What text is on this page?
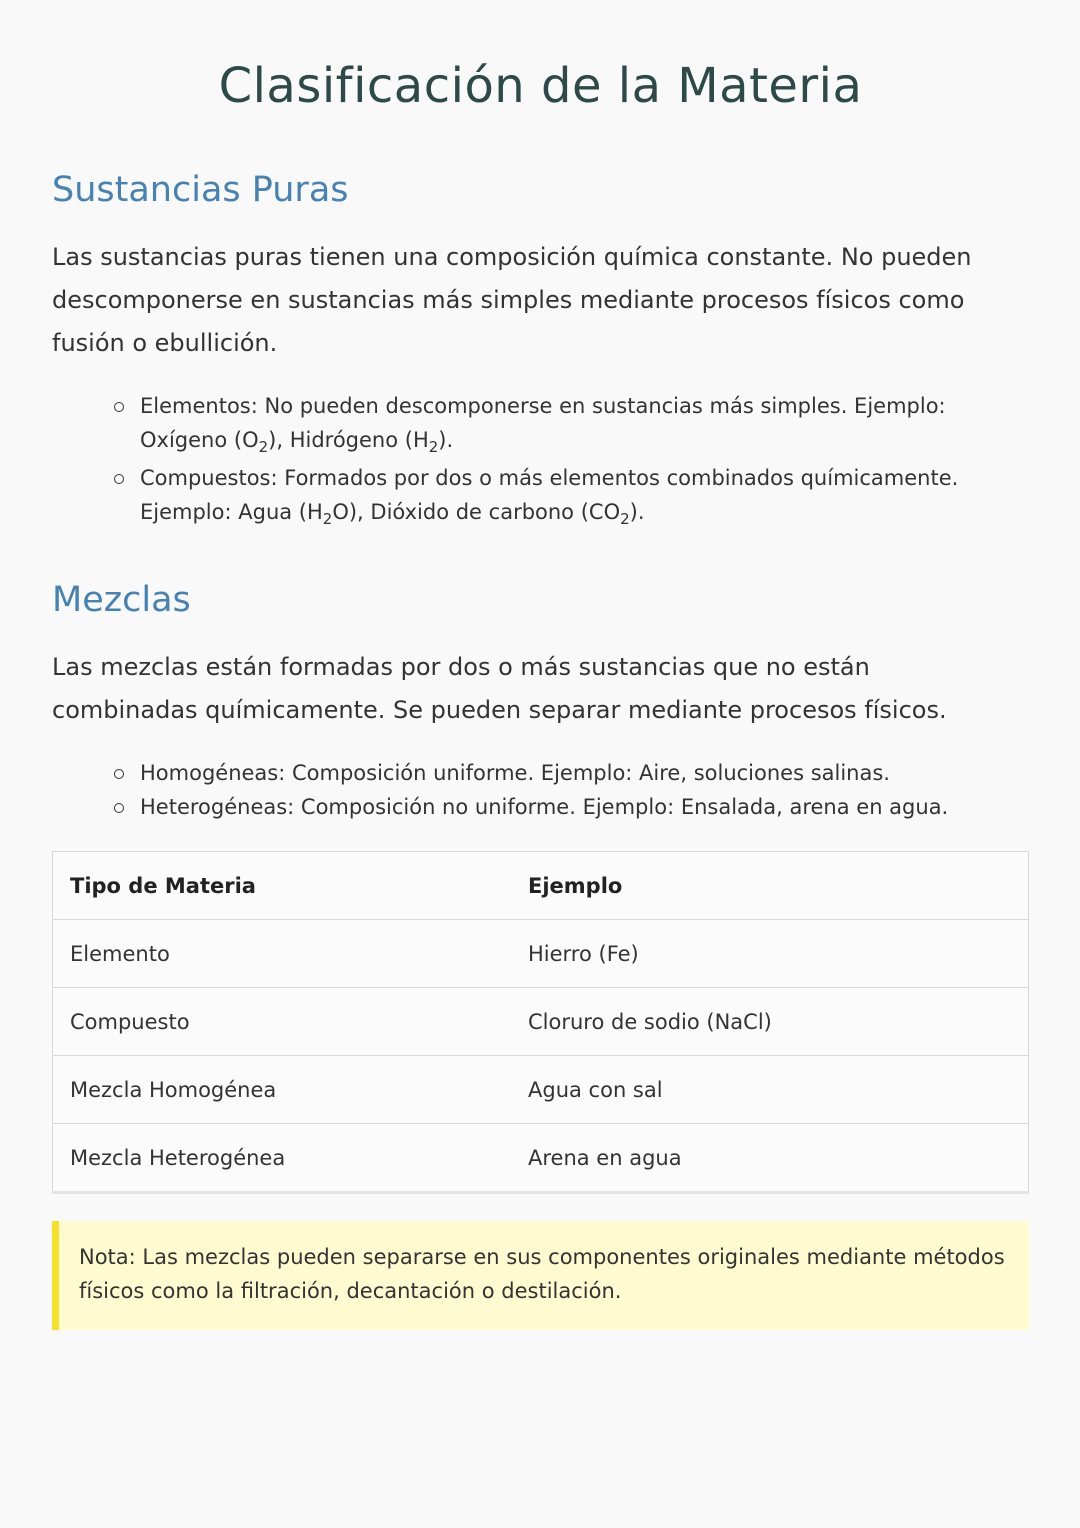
Clasificación de la Materia
Sustancias Puras

Las sustancias puras tienen una composición química constante. No pueden descomponerse en sustancias más simples mediante procesos físicos como fusión o ebullición.

Elementos: No pueden descomponerse en sustancias más simples. Ejemplo: Oxígeno $(O_2)$, Hidrógeno $(H_2)$.
Compuestos: Formados por dos o más elementos combinados químicamente. Ejemplo: Agua $(H_2O)$, Dióxido de carbono $(CO_2)$.
Mezclas

Las mezclas están formadas por dos o más sustancias que no están combinadas químicamente. Se pueden separar mediante procesos físicos.

Homogéneas: Composición uniforme. Ejemplo: Aire, soluciones salinas.
Heterogéneas: Composición no uniforme. Ejemplo: Ensalada, arena en agua.
Tipo de Materia	Ejemplo
Elemento	Hierro (Fe)
Compuesto	Cloruro de sodio (NaCl)
Mezcla Homogénea	Agua con sal
Mezcla Heterogénea	Arena en agua
Nota: Las mezclas pueden separarse en sus componentes originales mediante métodos físicos como la filtración, decantación o destilación.
